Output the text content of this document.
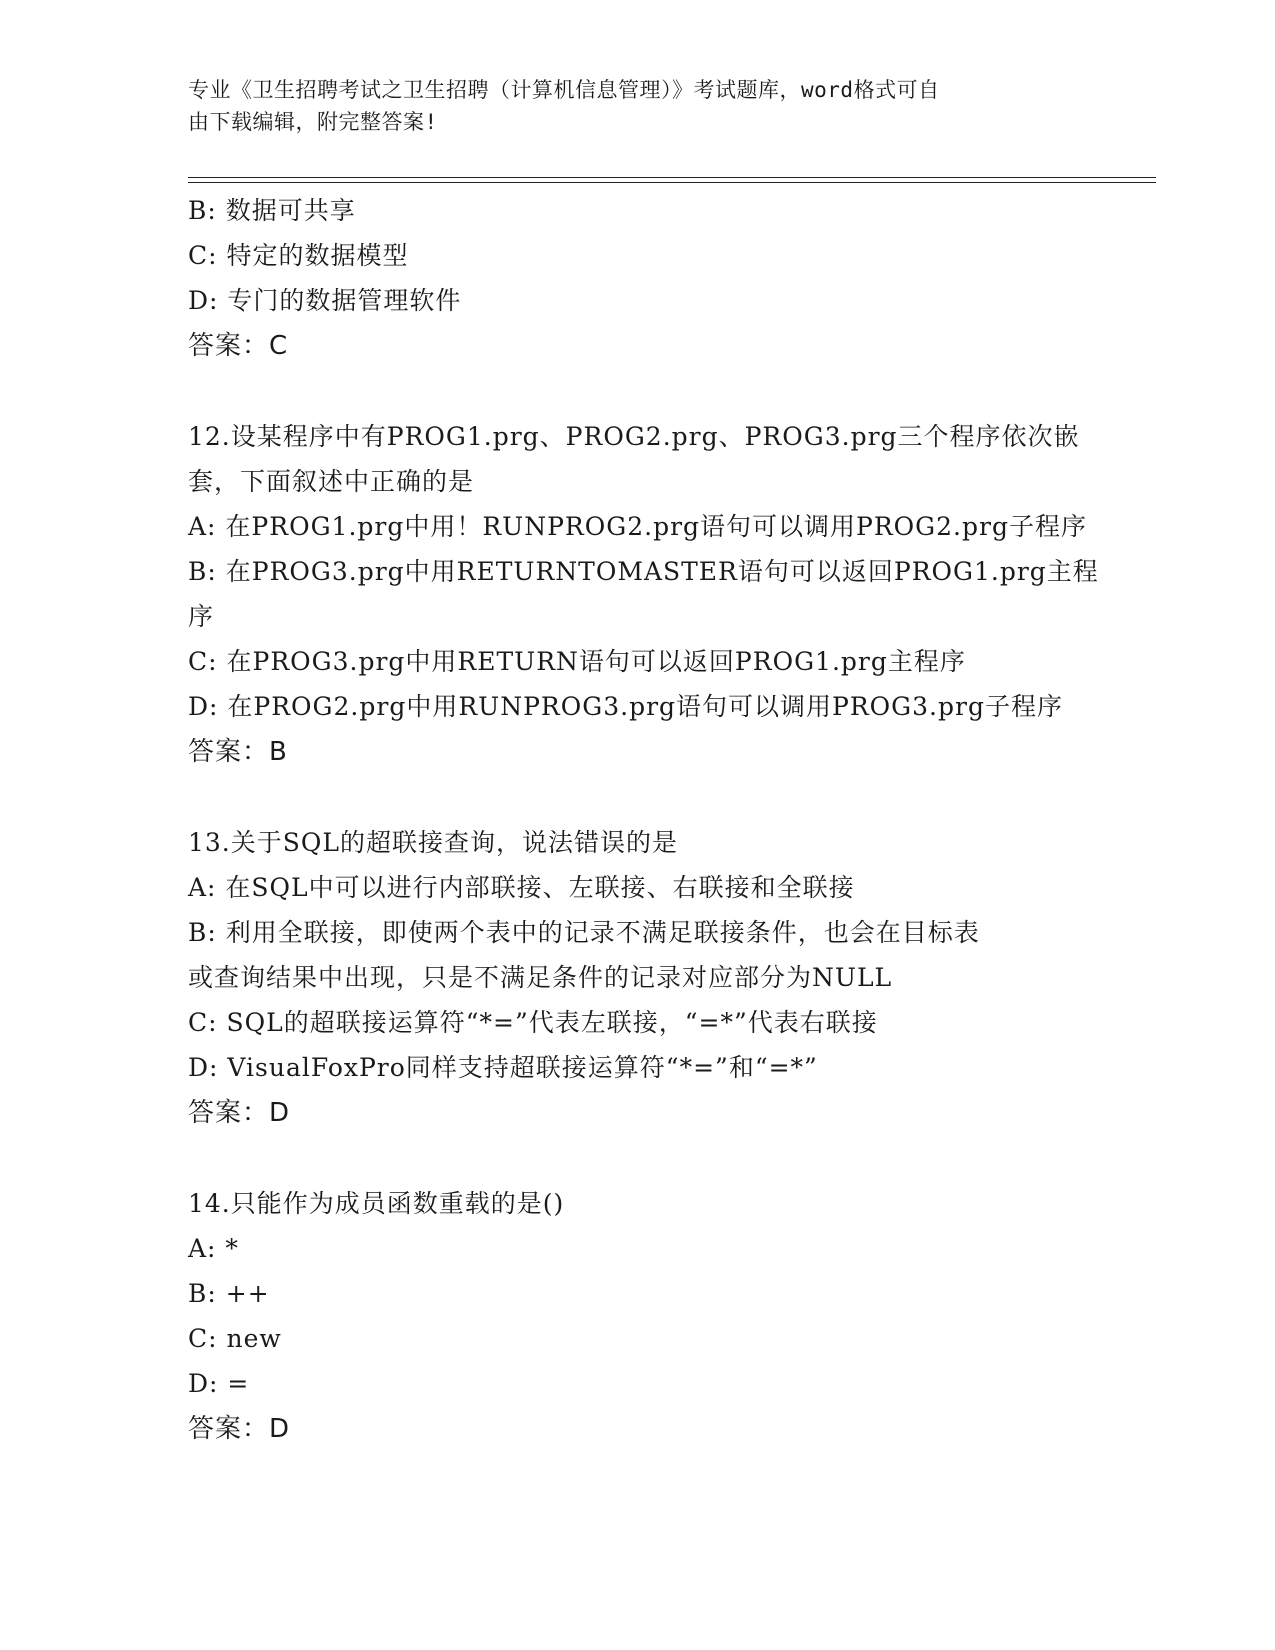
专业《卫生招聘考试之卫生招聘（计算机信息管理）》考试题库，word格式可自
由下载编辑，附完整答案!
B: 数据可共享
C: 特定的数据模型
D: 专门的数据管理软件
答案：C
12.设某程序中有PROG1.prg、PROG2.prg、PROG3.prg三个程序依次嵌
套，下面叙述中正确的是
A: 在PROG1.prg中用！RUNPROG2.prg语句可以调用PROG2.prg子程序
B: 在PROG3.prg中用RETURNTOMASTER语句可以返回PROG1.prg主程
序
C: 在PROG3.prg中用RETURN语句可以返回PROG1.prg主程序
D: 在PROG2.prg中用RUNPROG3.prg语句可以调用PROG3.prg子程序
答案：B
13.关于SQL的超联接查询，说法错误的是
A: 在SQL中可以进行内部联接、左联接、右联接和全联接
B: 利用全联接，即使两个表中的记录不满足联接条件，也会在目标表
或查询结果中出现，只是不满足条件的记录对应部分为NULL
C: SQL的超联接运算符“*=”代表左联接，“=*”代表右联接
D: VisualFoxPro同样支持超联接运算符“*=”和“=*”
答案：D
14.只能作为成员函数重载的是()
A: *
B: ++
C: new
D: =
答案：D
